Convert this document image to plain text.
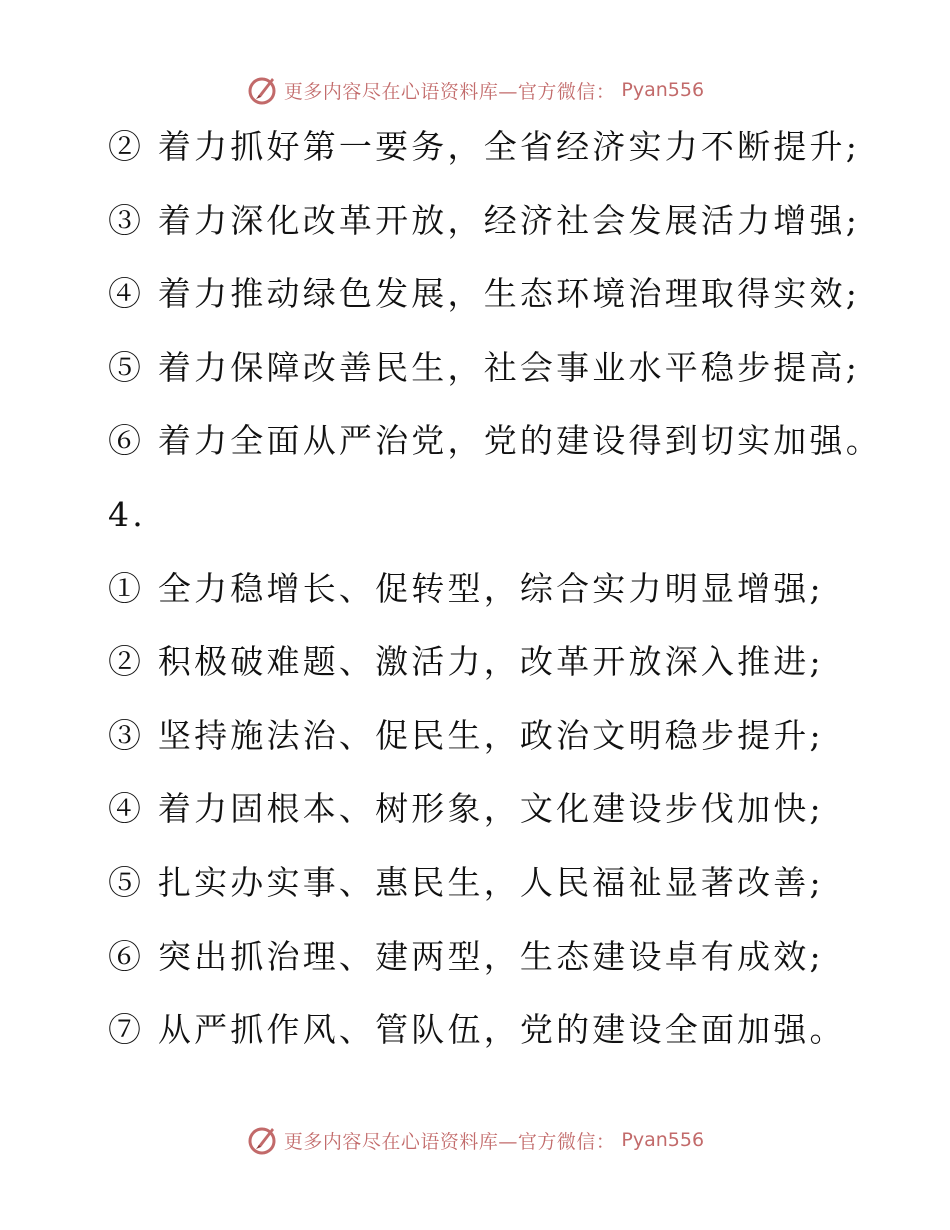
更多内容尽在心语资料库—官方微信： Pyan556
② 着力抓好第一要务，全省经济实力不断提升;
③ 着力深化改革开放，经济社会发展活力增强;
④ 着力推动绿色发展，生态环境治理取得实效;
⑤ 着力保障改善民生，社会事业水平稳步提高;
⑥ 着力全面从严治党，党的建设得到切实加强。
4.
① 全力稳增长、促转型，综合实力明显增强;
② 积极破难题、激活力，改革开放深入推进;
③ 坚持施法治、促民生，政治文明稳步提升;
④ 着力固根本、树形象，文化建设步伐加快;
⑤ 扎实办实事、惠民生，人民福祉显著改善;
⑥ 突出抓治理、建两型，生态建设卓有成效;
⑦ 从严抓作风、管队伍，党的建设全面加强。
更多内容尽在心语资料库—官方微信： Pyan556
